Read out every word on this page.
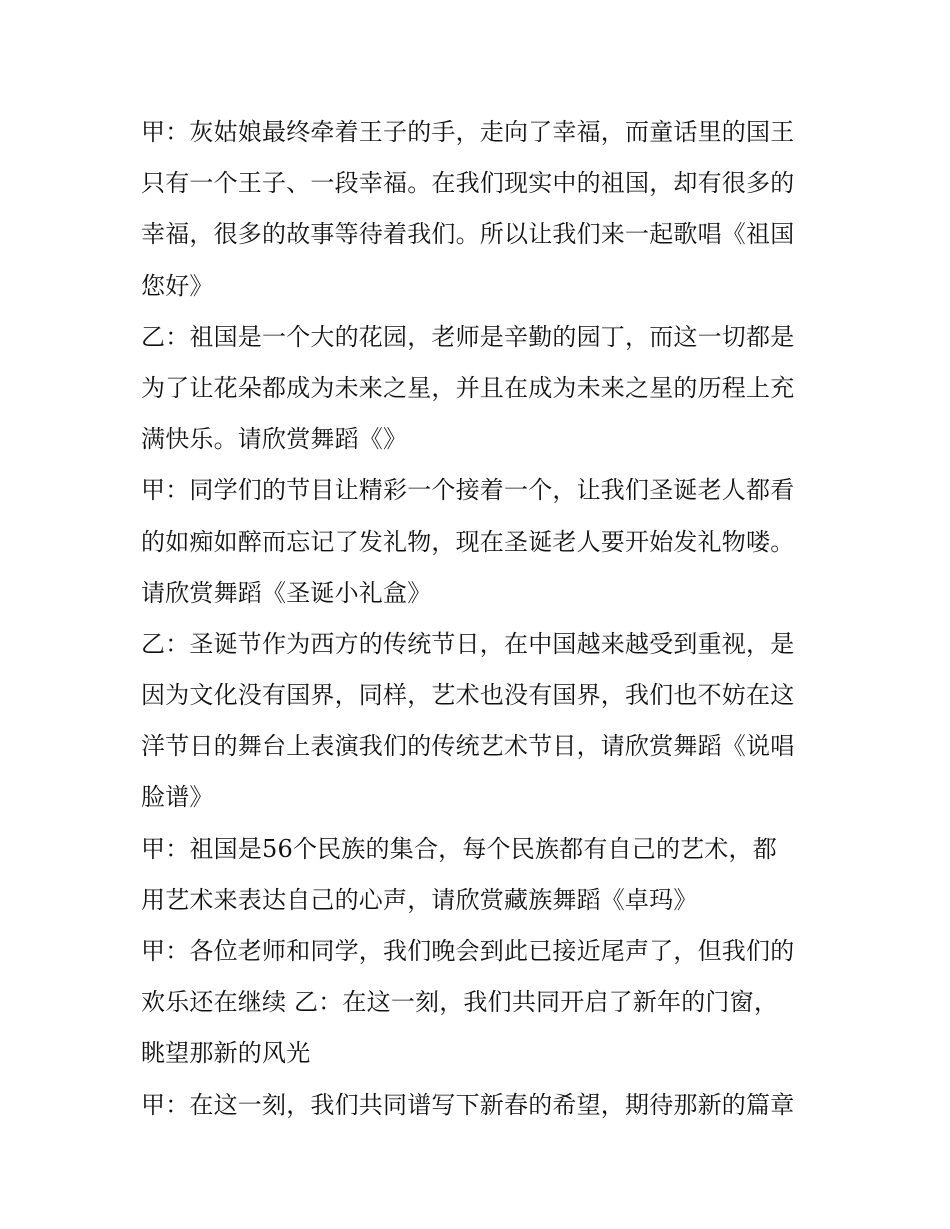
甲：灰姑娘最终牵着王子的手，走向了幸福，而童话里的国王
只有一个王子、一段幸福。在我们现实中的祖国，却有很多的
幸福，很多的故事等待着我们。所以让我们来一起歌唱《祖国
您好》
乙：祖国是一个大的花园，老师是辛勤的园丁，而这一切都是
为了让花朵都成为未来之星，并且在成为未来之星的历程上充
满快乐。请欣赏舞蹈《》
甲：同学们的节目让精彩一个接着一个，让我们圣诞老人都看
的如痴如醉而忘记了发礼物，现在圣诞老人要开始发礼物喽。
请欣赏舞蹈《圣诞小礼盒》
乙：圣诞节作为西方的传统节日，在中国越来越受到重视，是
因为文化没有国界，同样，艺术也没有国界，我们也不妨在这
洋节日的舞台上表演我们的传统艺术节目，请欣赏舞蹈《说唱
脸谱》
甲：祖国是56个民族的集合，每个民族都有自己的艺术，都
用艺术来表达自己的心声，请欣赏藏族舞蹈《卓玛》
甲：各位老师和同学，我们晚会到此已接近尾声了，但我们的
欢乐还在继续 乙：在这一刻，我们共同开启了新年的门窗，
眺望那新的风光
甲：在这一刻，我们共同谱写下新春的希望，期待那新的篇章
